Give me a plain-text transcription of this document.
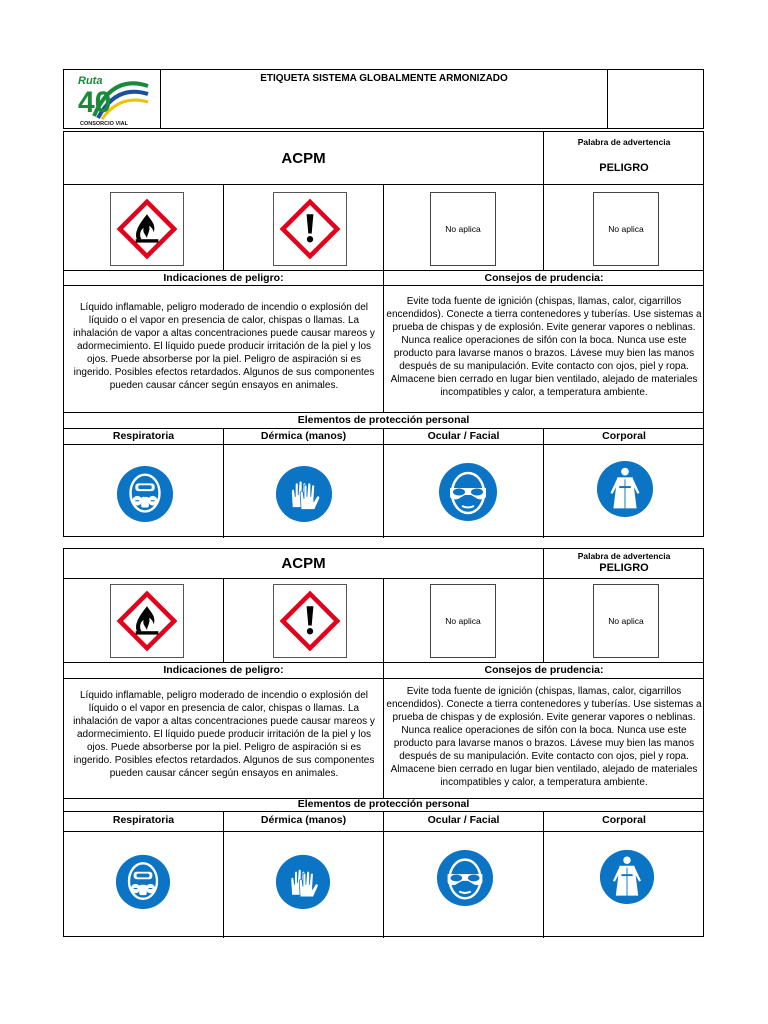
40
Ruta
CONSORCIO VIAL
ETIQUETA SISTEMA GLOBALMENTE ARMONIZADO
ACPM
Palabra de advertencia
PELIGRO
No aplica	No aplica
Indicaciones de peligro:	Consejos de prudencia:
Líquido inflamable, peligro moderado de incendio o explosión del líquido o el vapor en presencia de calor, chispas o llamas. La inhalación de vapor a altas concentraciones puede causar mareos y adormecimiento. El líquido puede producir irritación de la piel y los ojos. Puede absorberse por la piel. Peligro de aspiración si es ingerido. Posibles efectos retardados. Algunos de sus componentes pueden causar cáncer según ensayos en animales.
Evite toda fuente de ignición (chispas, llamas, calor, cigarrillos encendidos). Conecte a tierra contenedores y tuberías. Use sistemas a prueba de chispas y de explosión. Evite generar vapores o neblinas. Nunca realice operaciones de sifón con la boca. Nunca use este producto para lavarse manos o brazos. Lávese muy bien las manos después de su manipulación. Evite contacto con ojos, piel y ropa. Almacene bien cerrado en lugar bien ventilado, alejado de materiales incompatibles y calor, a temperatura ambiente.
Elementos de protección personal
Respiratoria	Dérmica (manos)	Ocular / Facial	Corporal
ACPM	Palabra de advertencia
PELIGRO
No aplica	No aplica
Indicaciones de peligro:	Consejos de prudencia:
Líquido inflamable, peligro moderado de incendio o explosión del líquido o el vapor en presencia de calor, chispas o llamas. La inhalación de vapor a altas concentraciones puede causar mareos y adormecimiento. El líquido puede producir irritación de la piel y los ojos. Puede absorberse por la piel. Peligro de aspiración si es ingerido. Posibles efectos retardados. Algunos de sus componentes pueden causar cáncer según ensayos en animales.
Evite toda fuente de ignición (chispas, llamas, calor, cigarrillos encendidos). Conecte a tierra contenedores y tuberías. Use sistemas a prueba de chispas y de explosión. Evite generar vapores o neblinas. Nunca realice operaciones de sifón con la boca. Nunca use este producto para lavarse manos o brazos. Lávese muy bien las manos después de su manipulación. Evite contacto con ojos, piel y ropa. Almacene bien cerrado en lugar bien ventilado, alejado de materiales incompatibles y calor, a temperatura ambiente.
Elementos de protección personal
Respiratoria	Dérmica (manos)	Ocular / Facial	Corporal
